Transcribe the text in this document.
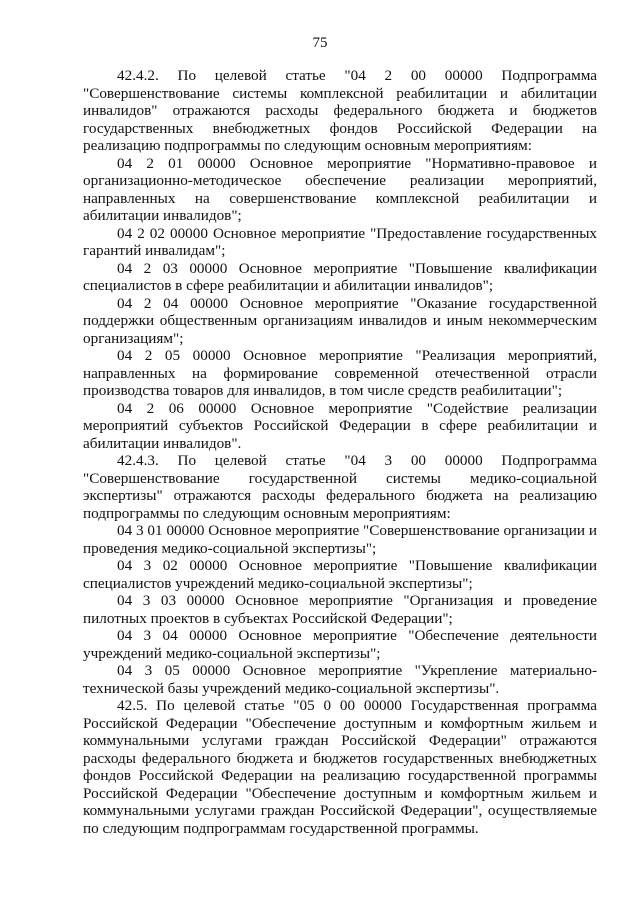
75

42.4.2. По целевой статье "04 2 00 00000 Подпрограмма "Совершенствование системы комплексной реабилитации и абилитации инвалидов" отражаются расходы федерального бюджета и бюджетов государственных внебюджетных фондов Российской Федерации на реализацию подпрограммы по следующим основным мероприятиям:

04 2 01 00000 Основное мероприятие "Нормативно-правовое и организационно-методическое обеспечение реализации мероприятий, направленных на совершенствование комплексной реабилитации и абилитации инвалидов";

04 2 02 00000 Основное мероприятие "Предоставление государственных гарантий инвалидам";

04 2 03 00000 Основное мероприятие "Повышение квалификации специалистов в сфере реабилитации и абилитации инвалидов";

04 2 04 00000 Основное мероприятие "Оказание государственной поддержки общественным организациям инвалидов и иным некоммерческим организациям";

04 2 05 00000 Основное мероприятие "Реализация мероприятий, направленных на формирование современной отечественной отрасли производства товаров для инвалидов, в том числе средств реабилитации";

04 2 06 00000 Основное мероприятие "Содействие реализации мероприятий субъектов Российской Федерации в сфере реабилитации и абилитации инвалидов".

42.4.3. По целевой статье "04 3 00 00000 Подпрограмма "Совершенствование государственной системы медико-социальной экспертизы" отражаются расходы федерального бюджета на реализацию подпрограммы по следующим основным мероприятиям:

04 3 01 00000 Основное мероприятие "Совершенствование организации и проведения медико-социальной экспертизы";

04 3 02 00000 Основное мероприятие "Повышение квалификации специалистов учреждений медико-социальной экспертизы";

04 3 03 00000 Основное мероприятие "Организация и проведение пилотных проектов в субъектах Российской Федерации";

04 3 04 00000 Основное мероприятие "Обеспечение деятельности учреждений медико-социальной экспертизы";

04 3 05 00000 Основное мероприятие "Укрепление материально-технической базы учреждений медико-социальной экспертизы".

42.5. По целевой статье "05 0 00 00000 Государственная программа Российской Федерации "Обеспечение доступным и комфортным жильем и коммунальными услугами граждан Российской Федерации" отражаются расходы федерального бюджета и бюджетов государственных внебюджетных фондов Российской Федерации на реализацию государственной программы Российской Федерации "Обеспечение доступным и комфортным жильем и коммунальными услугами граждан Российской Федерации", осуществляемые по следующим подпрограммам государственной программы.
